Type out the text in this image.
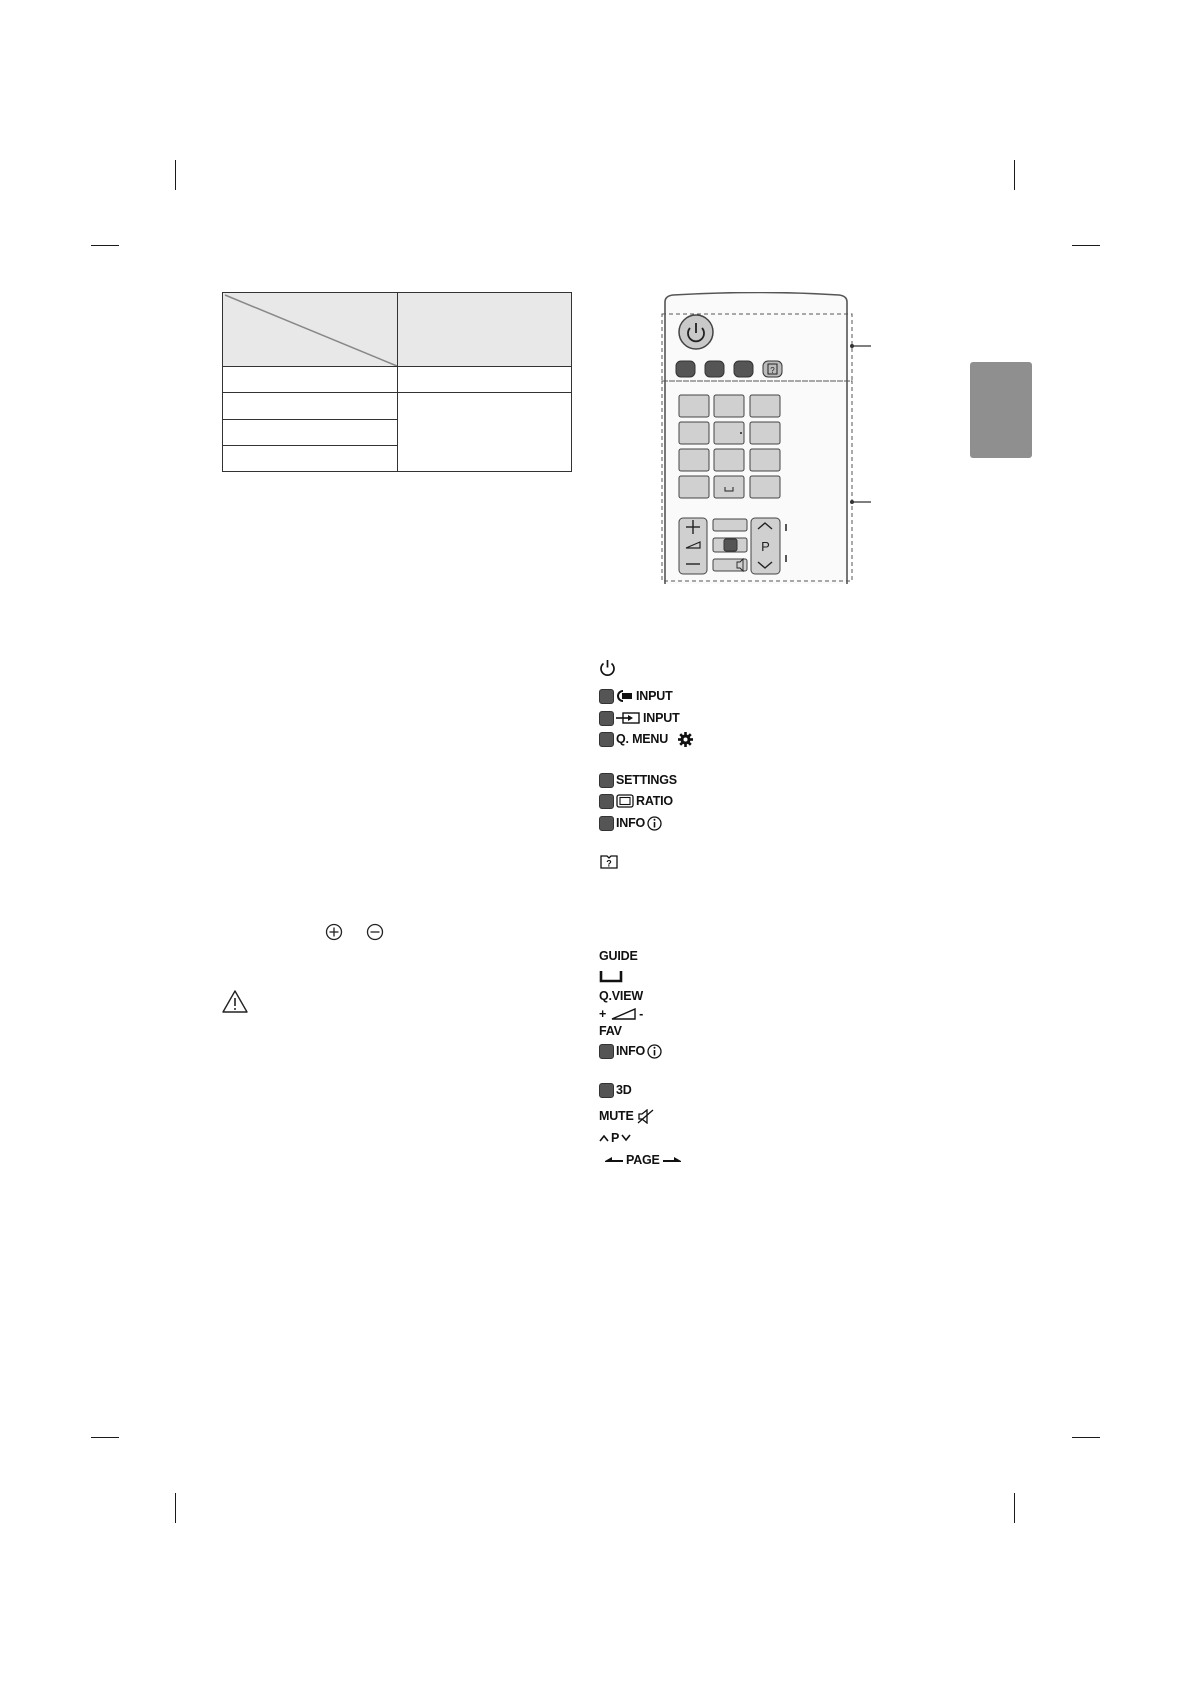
?
P
INPUT
INPUT
Q. MENU
SETTINGS
RATIO
INFO
?
GUIDE
Q.VIEW
+	-
FAV
INFO
3D
MUTE
P
PAGE
